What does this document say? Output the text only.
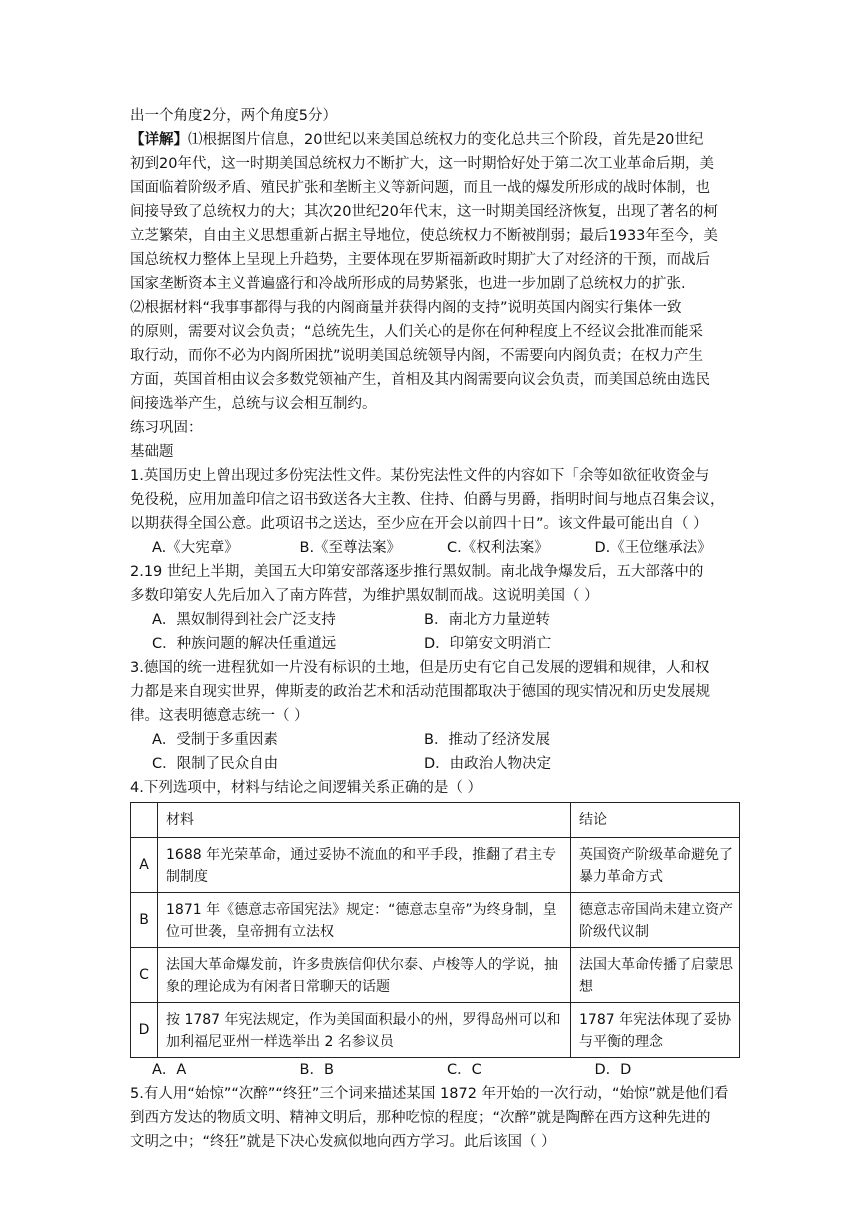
出一个角度2分，两个角度5分）

【详解】⑴根据图片信息，20世纪以来美国总统权力的变化总共三个阶段，首先是20世纪

初到20年代，这一时期美国总统权力不断扩大，这一时期恰好处于第二次工业革命后期，美

国面临着阶级矛盾、殖民扩张和垄断主义等新问题，而且一战的爆发所形成的战时体制，也

间接导致了总统权力的大；其次20世纪20年代末，这一时期美国经济恢复，出现了著名的柯

立芝繁荣，自由主义思想重新占据主导地位，使总统权力不断被削弱；最后1933年至今，美

国总统权力整体上呈现上升趋势，主要体现在罗斯福新政时期扩大了对经济的干预，而战后

国家垄断资本主义普遍盛行和冷战所形成的局势紧张，也进一步加剧了总统权力的扩张.

⑵根据材料“我事事都得与我的内阁商量并获得内阁的支持”说明英国内阁实行集体一致

的原则，需要对议会负责；“总统先生，人们关心的是你在何种程度上不经议会批准而能采

取行动，而你不必为内阁所困扰”说明美国总统领导内阁，不需要向内阁负责；在权力产生

方面，英国首相由议会多数党领袖产生，首相及其内阁需要向议会负责，而美国总统由选民

间接选举产生，总统与议会相互制约。

练习巩固：

基础题

1.英国历史上曾出现过多份宪法性文件。某份宪法性文件的内容如下「余等如欲征收资金与

免役税，应用加盖印信之诏书致送各大主教、住持、伯爵与男爵，指明时间与地点召集会议，

以期获得全国公意。此项诏书之送达，至少应在开会以前四十日”。该文件最可能出自（ ）

A.《大宪章》	B.《至尊法案》	C.《权利法案》	D.《王位继承法》

2.19 世纪上半期，美国五大印第安部落逐步推行黑奴制。南北战争爆发后，五大部落中的

多数印第安人先后加入了南方阵营，为维护黑奴制而战。这说明美国（ ）

A．黑奴制得到社会广泛支持	B．南北方力量逆转
C．种族问题的解决任重道远	D．印第安文明消亡

3.德国的统一进程犹如一片没有标识的土地，但是历史有它自己发展的逻辑和规律，人和权

力都是来自现实世界，俾斯麦的政治艺术和活动范围都取决于德国的现实情况和历史发展规

律。这表明德意志统一（ ）

A．受制于多重因素	B．推动了经济发展
C．限制了民众自由	D．由政治人物决定

4.下列选项中，材料与结论之间逻辑关系正确的是（ ）

	材料	结论
A	1688 年光荣革命，通过妥协不流血的和平手段，推翻了君主专制制度	英国资产阶级革命避免了暴力革命方式
B	1871 年《德意志帝国宪法》规定：“德意志皇帝”为终身制，皇位可世袭，皇帝拥有立法权	德意志帝国尚未建立资产阶级代议制
C	法国大革命爆发前，许多贵族信仰伏尔泰、卢梭等人的学说，抽象的理论成为有闲者日常聊天的话题	法国大革命传播了启蒙思想
D	按 1787 年宪法规定，作为美国面积最小的州，罗得岛州可以和加利福尼亚州一样选举出 2 名参议员	1787 年宪法体现了妥协与平衡的理念
A．A	B．B	C．C	D．D

5.有人用“始惊”“次醉”“终狂”三个词来描述某国 1872 年开始的一次行动，“始惊”就是他们看

到西方发达的物质文明、精神文明后，那种吃惊的程度；“次醉”就是陶醉在西方这种先进的

文明之中；“终狂”就是下决心发疯似地向西方学习。此后该国（ ）
